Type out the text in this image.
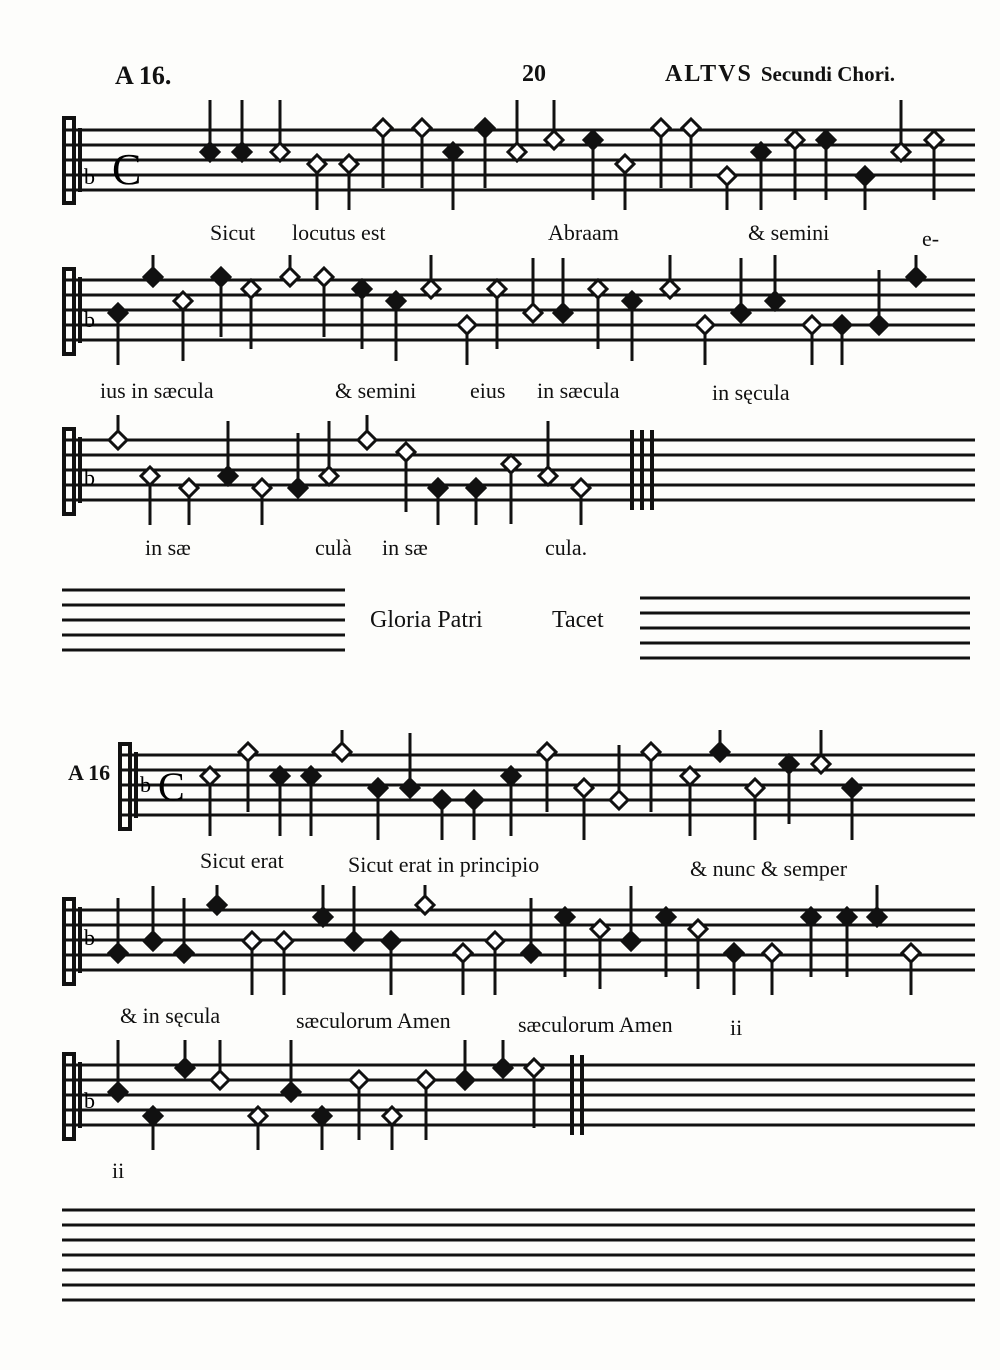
A 16.	20	ALTVS Secundi Chori.
b C
Sicut locutus est	Abraam	& semini	e-
b
ius in sæcula	& semini eius in sæcula	in sęcula
b
in sæ	culà in sæ	cula.
Gloria Patri	Tacet
A 16 b C
Sicut erat	Sicut erat in principio	& nunc & semper
b
& in sęcula	sæculorum Amen	sæculorum Amen	ii
b
ii
